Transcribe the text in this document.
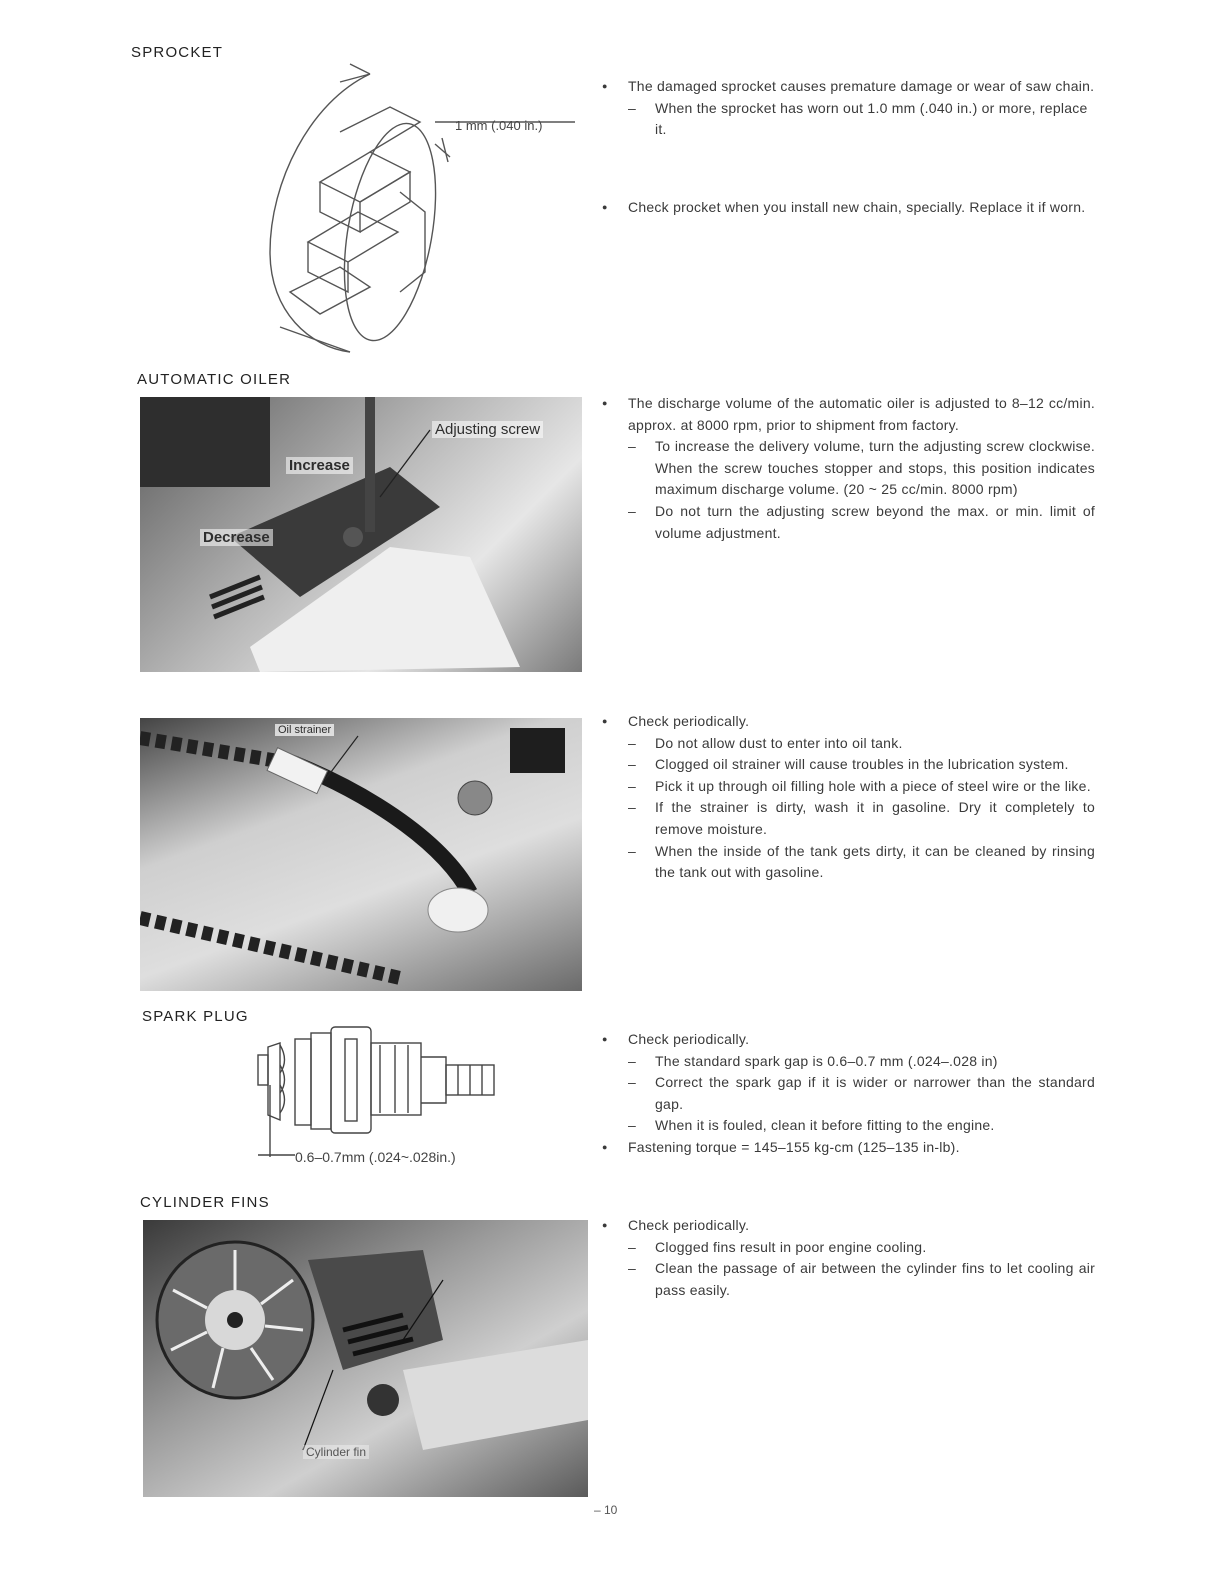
SPROCKET
1 mm (.040 in.)

● The damaged sprocket causes premature damage or wear of saw chain.

– When the sprocket has worn out 1.0 mm (.040 in.) or more, replace it.

● Check procket when you install new chain, specially. Replace it if worn.

AUTOMATIC OILER
Adjusting screw
Increase
Decrease

● The discharge volume of the automatic oiler is adjusted to 8–12 cc/min. approx. at 8000 rpm, prior to shipment from factory.

– To increase the delivery volume, turn the adjusting screw clockwise. When the screw touches stopper and stops, this position indicates maximum discharge volume. (20 ~ 25 cc/min. 8000 rpm)

– Do not turn the adjusting screw beyond the max. or min. limit of volume adjustment.

Oil strainer

● Check periodically.

– Do not allow dust to enter into oil tank.

– Clogged oil strainer will cause troubles in the lubrication system.

– Pick it up through oil filling hole with a piece of steel wire or the like.

– If the strainer is dirty, wash it in gasoline. Dry it completely to remove moisture.

– When the inside of the tank gets dirty, it can be cleaned by rinsing the tank out with gasoline.

SPARK PLUG
0.6–0.7mm (.024~.028in.)

● Check periodically.

– The standard spark gap is 0.6–0.7 mm (.024–.028 in)

– Correct the spark gap if it is wider or narrower than the standard gap.

– When it is fouled, clean it before fitting to the engine.

● Fastening torque = 145–155 kg-cm (125–135 in-lb).

CYLINDER FINS
Cylinder fin

● Check periodically.

– Clogged fins result in poor engine cooling.

– Clean the passage of air between the cylinder fins to let cooling air pass easily.

– 10
